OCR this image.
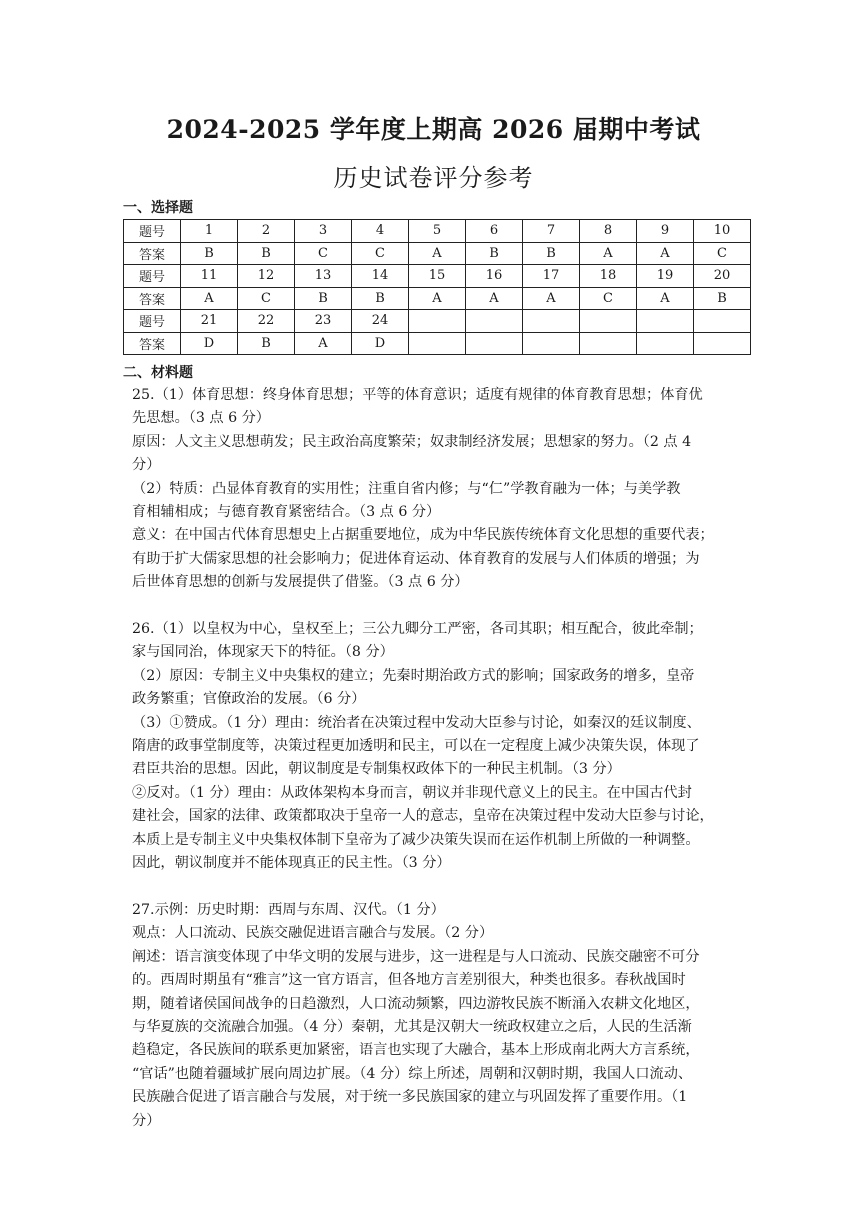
2024-2025 学年度上期高 2026 届期中考试
历史试卷评分参考
一、选择题
题号	1	2	3	4	5	6	7	8	9	10
答案	B	B	C	C	A	B	B	A	A	C
题号	11	12	13	14	15	16	17	18	19	20
答案	A	C	B	B	A	A	A	C	A	B
题号	21	22	23	24						
答案	D	B	A	D						
二、材料题

25.（1）体育思想：终身体育思想；平等的体育意识；适度有规律的体育教育思想；体育优

先思想。（3 点 6 分）

原因：人文主义思想萌发；民主政治高度繁荣；奴隶制经济发展；思想家的努力。（2 点 4

分）

（2）特质：凸显体育教育的实用性；注重自省内修；与“仁”学教育融为一体；与美学教

育相辅相成；与德育教育紧密结合。（3 点 6 分）

意义：在中国古代体育思想史上占据重要地位，成为中华民族传统体育文化思想的重要代表；

有助于扩大儒家思想的社会影响力；促进体育运动、体育教育的发展与人们体质的增强；为

后世体育思想的创新与发展提供了借鉴。（3 点 6 分）

26.（1）以皇权为中心，皇权至上；三公九卿分工严密，各司其职；相互配合，彼此牵制；

家与国同治，体现家天下的特征。（8 分）

（2）原因：专制主义中央集权的建立；先秦时期治政方式的影响；国家政务的增多，皇帝

政务繁重；官僚政治的发展。（6 分）

（3）①赞成。（1 分）理由：统治者在决策过程中发动大臣参与讨论，如秦汉的廷议制度、

隋唐的政事堂制度等，决策过程更加透明和民主，可以在一定程度上减少决策失误，体现了

君臣共治的思想。因此，朝议制度是专制集权政体下的一种民主机制。（3 分）

②反对。（1 分）理由：从政体架构本身而言，朝议并非现代意义上的民主。在中国古代封

建社会，国家的法律、政策都取决于皇帝一人的意志，皇帝在决策过程中发动大臣参与讨论，

本质上是专制主义中央集权体制下皇帝为了减少决策失误而在运作机制上所做的一种调整。

因此，朝议制度并不能体现真正的民主性。（3 分）

27.示例：历史时期：西周与东周、汉代。（1 分）

观点：人口流动、民族交融促进语言融合与发展。（2 分）

阐述：语言演变体现了中华文明的发展与进步，这一进程是与人口流动、民族交融密不可分

的。西周时期虽有“雅言”这一官方语言，但各地方言差别很大，种类也很多。春秋战国时

期，随着诸侯国间战争的日趋激烈，人口流动频繁，四边游牧民族不断涌入农耕文化地区，

与华夏族的交流融合加强。（4 分）秦朝，尤其是汉朝大一统政权建立之后，人民的生活渐

趋稳定，各民族间的联系更加紧密，语言也实现了大融合，基本上形成南北两大方言系统，

“官话”也随着疆域扩展向周边扩展。（4 分）综上所述，周朝和汉朝时期，我国人口流动、

民族融合促进了语言融合与发展，对于统一多民族国家的建立与巩固发挥了重要作用。（1

分）
